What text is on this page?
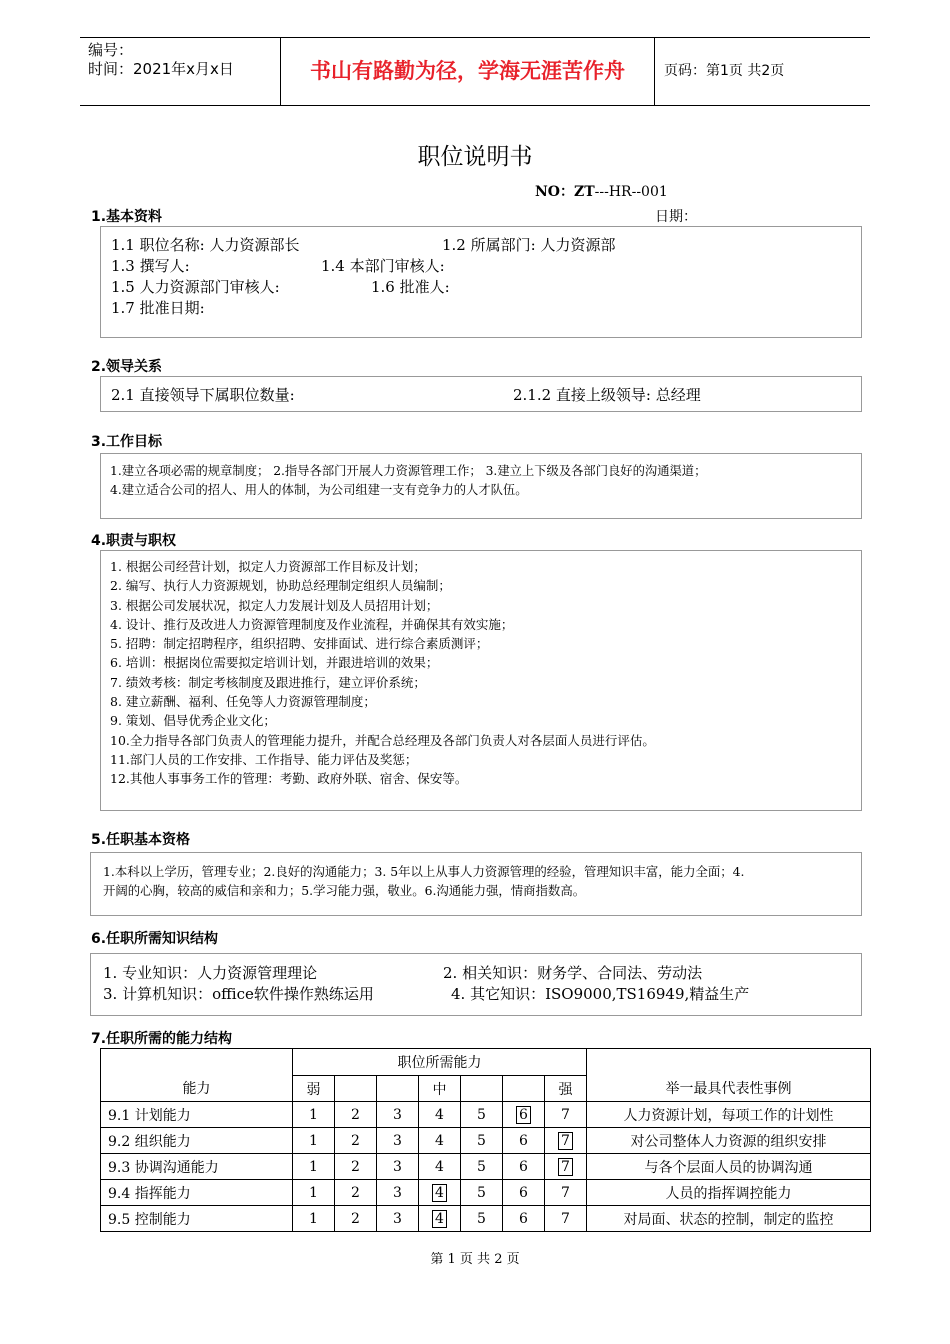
编号：
时间：2021年x月x日	书山有路勤为径，学海无涯苦作舟	页码：第1页 共2页
职位说明书
NO：ZT---HR--001
1.基本资料	日期：
1.1 职位名称: 人力资源部长	1.2 所属部门: 人力资源部
1.3 撰写人:	1.4 本部门审核人:
1.5 人力资源部门审核人:	1.6 批准人:
1.7 批准日期:
2.领导关系
2.1 直接领导下属职位数量:	2.1.2 直接上级领导: 总经理
3.工作目标
1.建立各项必需的规章制度； 2.指导各部门开展人力资源管理工作； 3.建立上下级及各部门良好的沟通渠道；
4.建立适合公司的招人、用人的体制，为公司组建一支有竞争力的人才队伍。
4.职责与职权
1. 根据公司经营计划，拟定人力资源部工作目标及计划；
2. 编写、执行人力资源规划，协助总经理制定组织人员编制；
3. 根据公司发展状况，拟定人力发展计划及人员招用计划；
4. 设计、推行及改进人力资源管理制度及作业流程，并确保其有效实施；
5. 招聘：制定招聘程序，组织招聘、安排面试、进行综合素质测评；
6. 培训：根据岗位需要拟定培训计划，并跟进培训的效果；
7. 绩效考核：制定考核制度及跟进推行，建立评价系统；
8. 建立薪酬、福利、任免等人力资源管理制度；
9. 策划、倡导优秀企业文化；
10.全力指导各部门负责人的管理能力提升，并配合总经理及各部门负责人对各层面人员进行评估。
11.部门人员的工作安排、工作指导、能力评估及奖惩；
12.其他人事事务工作的管理：考勤、政府外联、宿舍、保安等。
5.任职基本资格
1.本科以上学历，管理专业；2.良好的沟通能力；3. 5年以上从事人力资源管理的经验，管理知识丰富，能力全面；4.
开阔的心胸，较高的威信和亲和力；5.学习能力强，敬业。6.沟通能力强，情商指数高。
6.任职所需知识结构
1. 专业知识：人力资源管理理论	2. 相关知识：财务学、合同法、劳动法
3. 计算机知识：office软件操作熟练运用	4. 其它知识：ISO9000,TS16949,精益生产
7.任职所需的能力结构
能力	职位所需能力							举一最具代表性事例
	弱			中			强	
9.1 计划能力	1	2	3	4	5	6	7	人力资源计划，每项工作的计划性
9.2 组织能力	1	2	3	4	5	6	7	对公司整体人力资源的组织安排
9.3 协调沟通能力	1	2	3	4	5	6	7	与各个层面人员的协调沟通
9.4 指挥能力	1	2	3	4	5	6	7	人员的指挥调控能力
9.5 控制能力	1	2	3	4	5	6	7	对局面、状态的控制，制定的监控
第 1 页 共 2 页
